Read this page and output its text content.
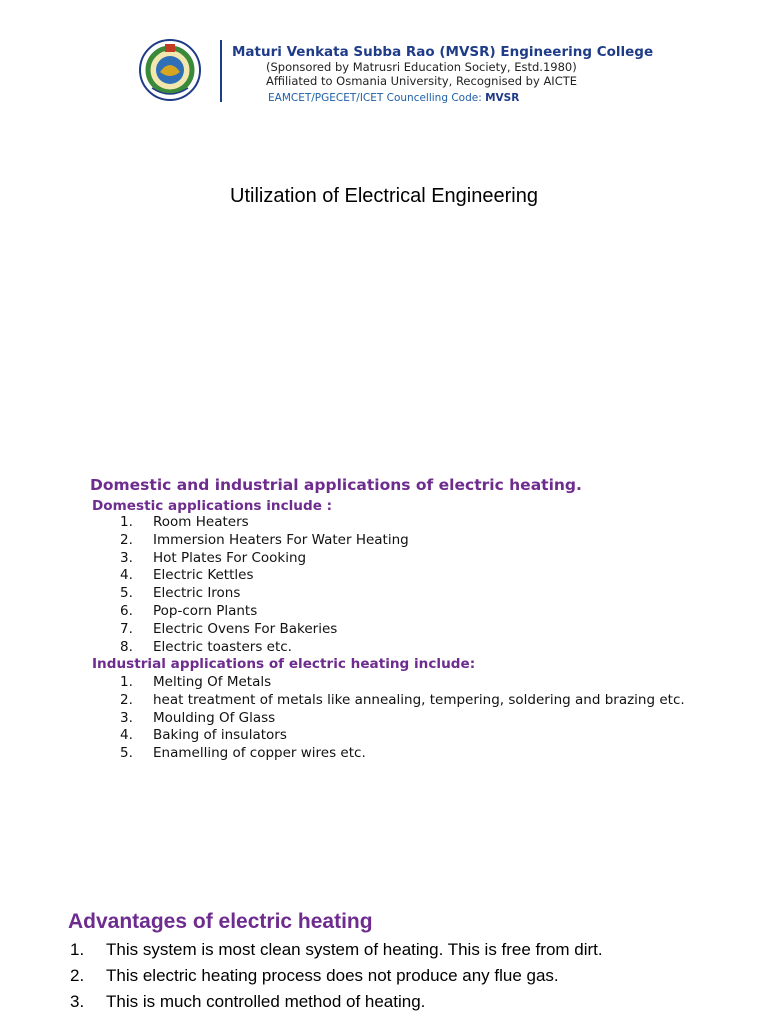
Maturi Venkata Subba Rao (MVSR) Engineering College
(Sponsored by Matrusri Education Society, Estd.1980)
Affiliated to Osmania University, Recognised by AICTE
EAMCET/PGECET/ICET Councelling Code: MVSR
Utilization of Electrical Engineering
Domestic and industrial applications of electric heating.
Domestic applications include :
1. Room Heaters
2. Immersion Heaters For Water Heating
3. Hot Plates For Cooking
4. Electric Kettles
5. Electric Irons
6. Pop-corn Plants
7. Electric Ovens For Bakeries
8. Electric toasters etc.
Industrial applications of electric heating include:
1. Melting Of Metals
2. heat treatment of metals like annealing, tempering, soldering and brazing etc.
3. Moulding Of Glass
4. Baking of insulators
5. Enamelling of copper wires etc.
Advantages of electric heating
1. This system is most clean system of heating. This is free from dirt.
2. This electric heating process does not produce any flue gas.
3. This is much controlled method of heating.
